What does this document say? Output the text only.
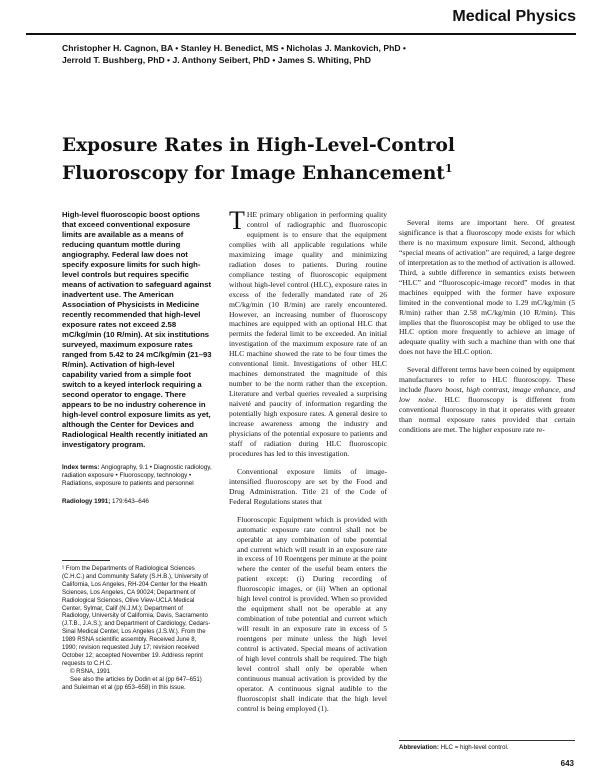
Medical Physics
Christopher H. Cagnon, BA • Stanley H. Benedict, MS • Nicholas J. Mankovich, PhD •
Jerrold T. Bushberg, PhD • J. Anthony Seibert, PhD • James S. Whiting, PhD
Exposure Rates in High-Level-Control Fluoroscopy for Image Enhancement$^1$

High-level fluoroscopic boost options that exceed conventional exposure limits are available as a means of reducing quantum mottle during angiography. Federal law does not specify exposure limits for such high-level controls but requires specific means of activation to safeguard against inadvertent use. The American Association of Physicists in Medicine recently recommended that high-level exposure rates not exceed 2.58 mC/kg/min (10 R/min). At six institutions surveyed, maximum exposure rates ranged from 5.42 to 24 mC/kg/min (21–93 R/min). Activation of high-level capability varied from a simple foot switch to a keyed interlock requiring a second operator to engage. There appears to be no industry coherence in high-level control exposure limits as yet, although the Center for Devices and Radiological Health recently initiated an investigatory program.

Index terms: Angiography, 9.1 • Diagnostic radiology, radiation exposure • Fluoroscopy, technology • Radiations, exposure to patients and personnel
Radiology 1991; 179:643–646

¹ From the Departments of Radiological Sciences (C.H.C.) and Community Safety (S.H.B.), University of California, Los Angeles, RH-204 Center for the Health Sciences, Los Angeles, CA 90024; Department of Radiological Sciences, Olive View-UCLA Medical Center, Sylmar, Calif (N.J.M.); Department of Radiology, University of California, Davis, Sacramento (J.T.B., J.A.S.); and Department of Cardiology, Cedars-Sinai Medical Center, Los Angeles (J.S.W.). From the 1989 RSNA scientific assembly. Received June 8, 1990; revision requested July 17; revision received October 12; accepted November 19. Address reprint requests to C.H.C.

© RSNA, 1991

See also the articles by Dodin et al (pp 647–651) and Suleiman et al (pp 653–658) in this issue.

THE primary obligation in performing quality control of radiographic and fluoroscopic equipment is to ensure that the equipment complies with all applicable regulations while maximizing image quality and minimizing radiation doses to patients. During routine compliance testing of fluoroscopic equipment without high-level control (HLC), exposure rates in excess of the federally mandated rate of 26 mC/kg/min (10 R/min) are rarely encountered. However, an increasing number of fluoroscopy machines are equipped with an optional HLC that permits the federal limit to be exceeded. An initial investigation of the maximum exposure rate of an HLC machine showed the rate to be four times the conventional limit. Investigations of other HLC machines demonstrated the magnitude of this number to be the norm rather than the exception. Literature and verbal queries revealed a surprising naiveté and paucity of information regarding the potentially high exposure rates. A general desire to increase awareness among the industry and physicians of the potential exposure to patients and staff of radiation during HLC fluoroscopic procedures has led to this investigation.

Conventional exposure limits of image-intensified fluoroscopy are set by the Food and Drug Administration. Title 21 of the Code of Federal Regulations states that

Fluoroscopic Equipment which is provided with automatic exposure rate control shall not be operable at any combination of tube potential and current which will result in an exposure rate in excess of 10 Roentgens per minute at the point where the center of the useful beam enters the patient except: (i) During recording of fluoroscopic images, or (ii) When an optional high level control is provided. When so provided the equipment shall not be operable at any combination of tube potential and current which will result in an exposure rate in excess of 5 roentgens per minute unless the high level control is activated. Special means of activation of high level controls shall be required. The high level control shall only be operable when continuous manual activation is provided by the operator. A continuous signal audible to the fluoroscopist shall indicate that the high level control is being employed (1).

Several items are important here. Of greatest significance is that a fluoroscopy mode exists for which there is no maximum exposure limit. Second, although “special means of activation” are required, a large degree of interpretation as to the method of activation is allowed. Third, a subtle difference in semantics exists between “HLC” and “fluoroscopic-image record” modes in that machines equipped with the former have exposure limited in the conventional mode to 1.29 mC/kg/min (5 R/min) rather than 2.58 mC/kg/min (10 R/min). This implies that the fluoroscopist may be obliged to use the HLC option more frequently to achieve an image of adequate quality with such a machine than with one that does not have the HLC option.

Several different terms have been coined by equipment manufacturers to refer to HLC fluoroscopy. These include fluoro boost, high contrast, image enhance, and low noise. HLC fluoroscopy is different from conventional fluoroscopy in that it operates with greater than normal exposure rates provided that certain conditions are met. The higher exposure rate re-

Abbreviation: HLC = high-level control.
643
